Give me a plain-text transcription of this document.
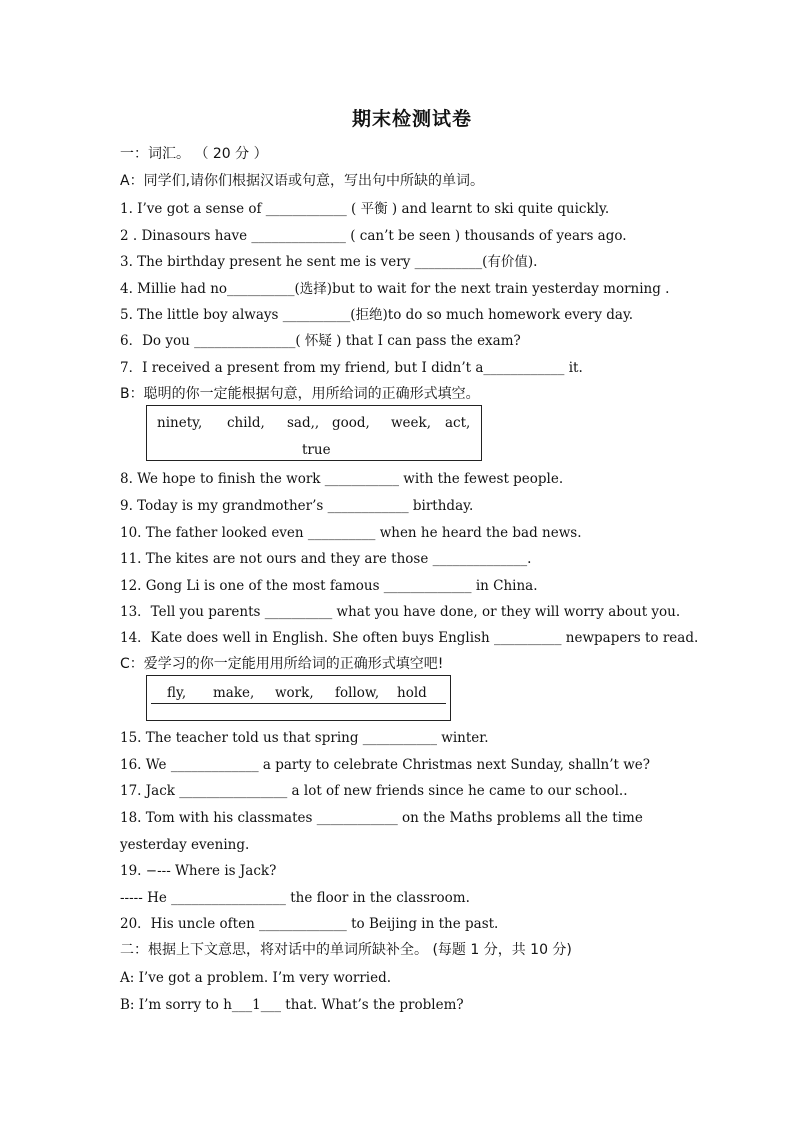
期末检测试卷
一：词汇。 （ 20 分 ）
A：同学们,请你们根据汉语或句意，写出句中所缺的单词。
1. I’ve got a sense of ____________ ( 平衡 ) and learnt to ski quite quickly.
2 . Dinasours have ______________ ( can’t be seen ) thousands of years ago.
3. The birthday present he sent me is very __________(有价值).
4. Millie had no__________(选择)but to wait for the next train yesterday morning .
5. The little boy always __________(拒绝)to do so much homework every day.
6．Do you _______________( 怀疑 ) that I can pass the exam?
7．I received a present from my friend, but I didn’t a____________ it.
B：聪明的你一定能根据句意，用所给词的正确形式填空。
ninety, child, sad,, good, week, act,
true
8. We hope to finish the work ___________ with the fewest people.
9. Today is my grandmother’s ____________ birthday.
10. The father looked even __________ when he heard the bad news.
11. The kites are not ours and they are those ______________.
12. Gong Li is one of the most famous _____________ in China.
13．Tell you parents __________ what you have done, or they will worry about you.
14．Kate does well in English. She often buys English __________ newpapers to read.
C：爱学习的你一定能用用所给词的正确形式填空吧!
fly, make, work, follow, hold
15. The teacher told us that spring ___________ winter.
16. We _____________ a party to celebrate Christmas next Sunday, shalln’t we?
17. Jack ________________ a lot of new friends since he came to our school..
18. Tom with his classmates ____________ on the Maths problems all the time
yesterday evening.
19. −--- Where is Jack?
----- He _________________ the floor in the classroom.
20．His uncle often _____________ to Beijing in the past.
二：根据上下文意思，将对话中的单词所缺补全。 (每题 1 分，共 10 分)
A: I’ve got a problem. I’m very worried.
B: I’m sorry to h___1___ that. What’s the problem?
